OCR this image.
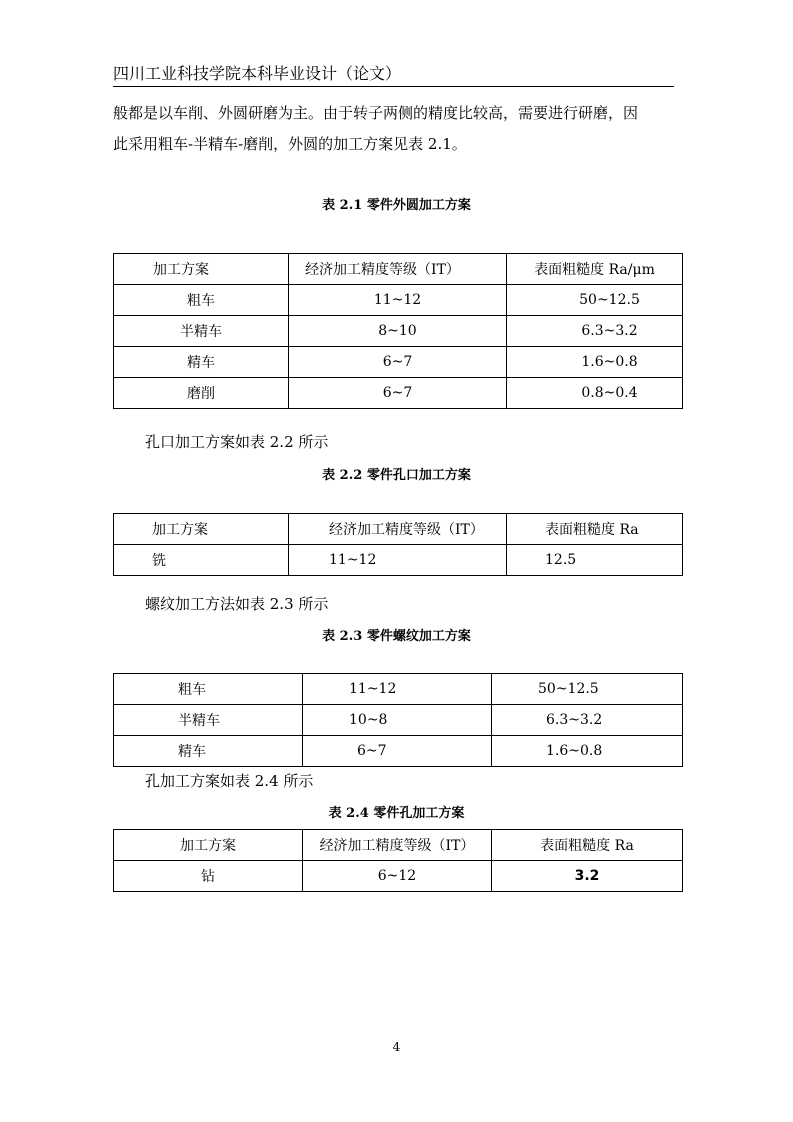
四川工业科技学院本科毕业设计（论文）
般都是以车削、外圆研磨为主。由于转子两侧的精度比较高，需要进行研磨，因
此采用粗车-半精车-磨削，外圆的加工方案见表 2.1。
表 2.1 零件外圆加工方案
加工方案	经济加工精度等级（IT）	表面粗糙度 Ra/μm
粗车	11~12	50~12.5
半精车	8~10	6.3~3.2
精车	6~7	1.6~0.8
磨削	6~7	0.8~0.4
孔口加工方案如表 2.2 所示
表 2.2 零件孔口加工方案
加工方案	经济加工精度等级（IT）	表面粗糙度 Ra
铣	11~12	12.5
螺纹加工方法如表 2.3 所示
表 2.3 零件螺纹加工方案
粗车	11~12	50~12.5
半精车	10~8	6.3~3.2
精车	6~7	1.6~0.8
孔加工方案如表 2.4 所示
表 2.4 零件孔加工方案
加工方案	经济加工精度等级（IT）	表面粗糙度 Ra
钻	6~12	3.2
4
